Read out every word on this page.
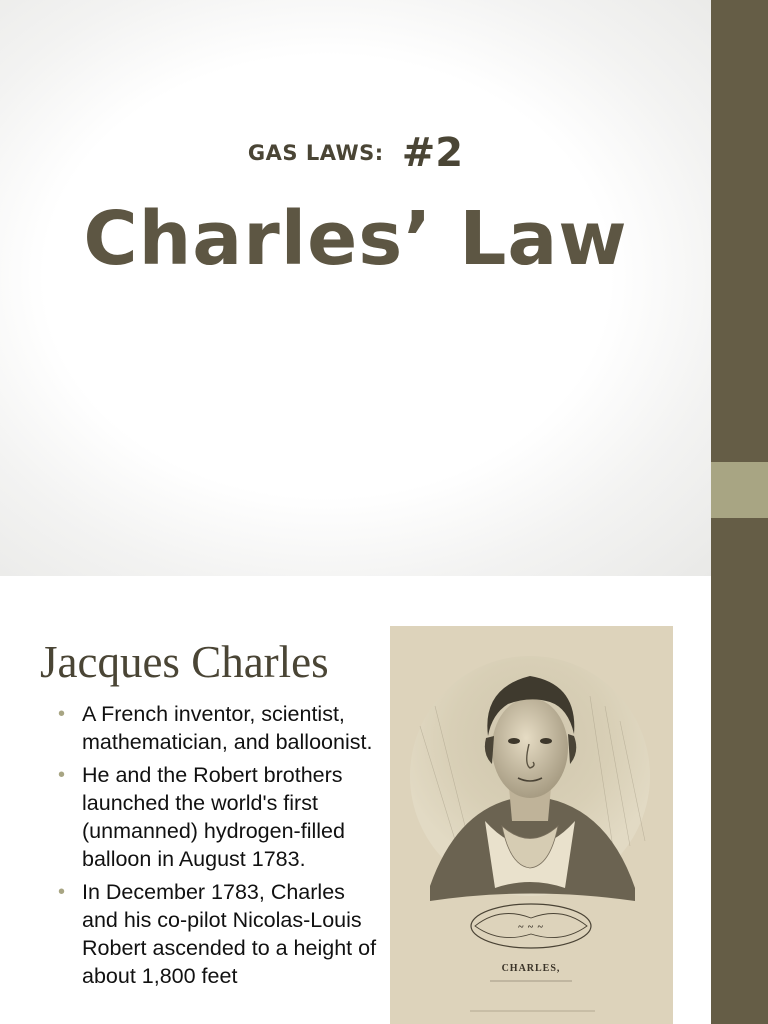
GAS LAWS: #2
Charles’ Law
Jacques Charles
• A French inventor, scientist, mathematician, and balloonist.
• He and the Robert brothers launched the world's first (unmanned) hydrogen-filled balloon in August 1783.
• In December 1783, Charles and his co-pilot Nicolas-Louis Robert ascended to a height of about 1,800 feet
~ ~ ~
CHARLES,
